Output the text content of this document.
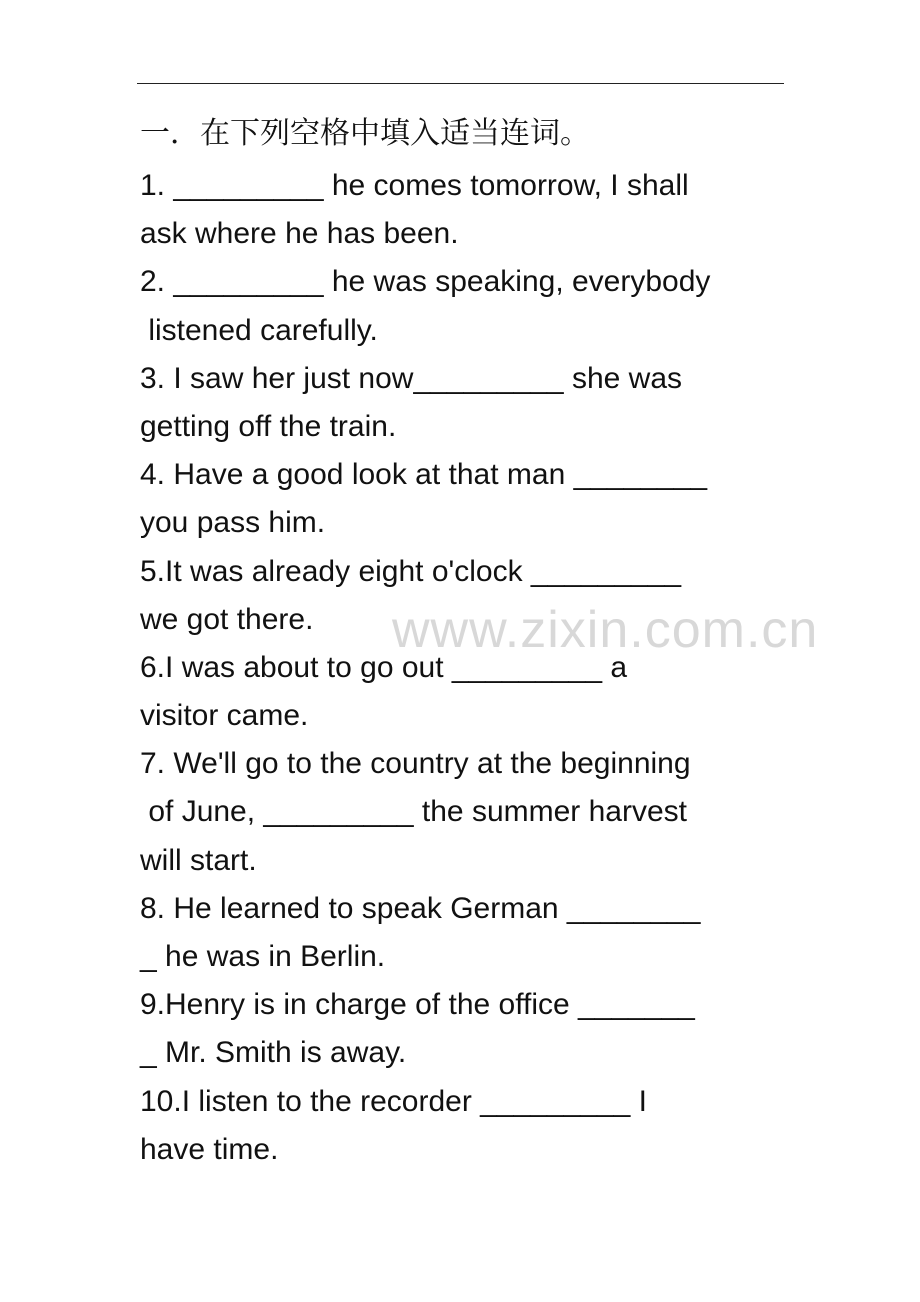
一．在下列空格中填入适当连词。
1. _________ he comes tomorrow, I shall
ask where he has been.
2. _________ he was speaking, everybody
listened carefully.
3. I saw her just now_________ she was
getting off the train.
4. Have a good look at that man ________
you pass him.
5.It was already eight o'clock _________
we got there.
6.I was about to go out _________ a
visitor came.
7. We'll go to the country at the beginning
of June, _________ the summer harvest
will start.
8. He learned to speak German ________
_ he was in Berlin.
9.Henry is in charge of the office _______
_ Mr. Smith is away.
10.I listen to the recorder _________ I
have time.
www.zixin.com.cn
